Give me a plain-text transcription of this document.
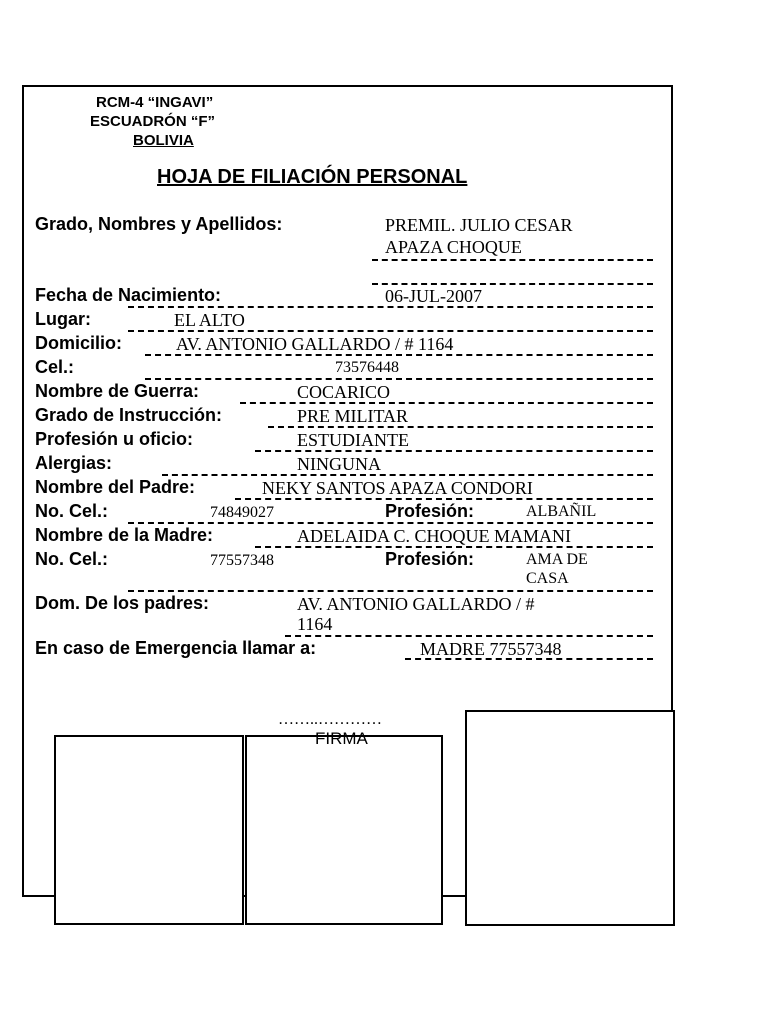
RCM-4 “INGAVI”
ESCUADRÓN “F”
BOLIVIA
HOJA DE FILIACIÓN PERSONAL
Grado, Nombres y Apellidos:	PREMIL. JULIO CESAR
APAZA CHOQUE
Fecha de Nacimiento:	06-JUL-2007
Lugar:	EL ALTO
Domicilio:	AV. ANTONIO GALLARDO / # 1164
Cel.:	73576448
Nombre de Guerra:	COCARICO
Grado de Instrucción:	PRE MILITAR
Profesión u oficio:	ESTUDIANTE
Alergias:	NINGUNA
Nombre del Padre:	NEKY SANTOS APAZA CONDORI
No. Cel.:	74849027	Profesión:	ALBAÑIL
Nombre de la Madre:	ADELAIDA C. CHOQUE MAMANI
No. Cel.:	77557348	Profesión:	AMA DE
CASA
Dom. De los padres:	AV. ANTONIO GALLARDO / #
1164
En caso de Emergencia llamar a:	MADRE 77557348
……..…………
FIRMA
